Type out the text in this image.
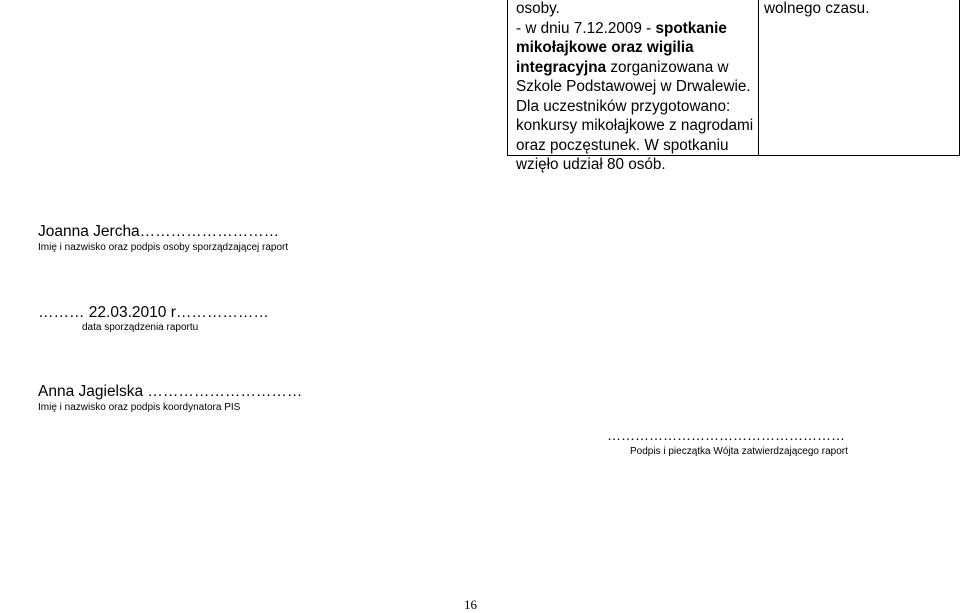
osoby.
- w dniu 7.12.2009 - spotkanie
mikołajkowe oraz wigilia
integracyjna zorganizowana w
Szkole Podstawowej w Drwalewie.
Dla uczestników przygotowano:
konkursy mikołajkowe z nagrodami
oraz poczęstunek. W spotkaniu
wzięło udział 80 osób.
wolnego czasu.
Joanna Jercha………………………
Imię i nazwisko oraz podpis osoby sporządzającej raport
……… 22.03.2010 r………………
data sporządzenia raportu
Anna Jagielska …………………………
Imię i nazwisko oraz podpis koordynatora PIS
……………………………………………
Podpis i pieczątka Wójta zatwierdzającego raport
16
